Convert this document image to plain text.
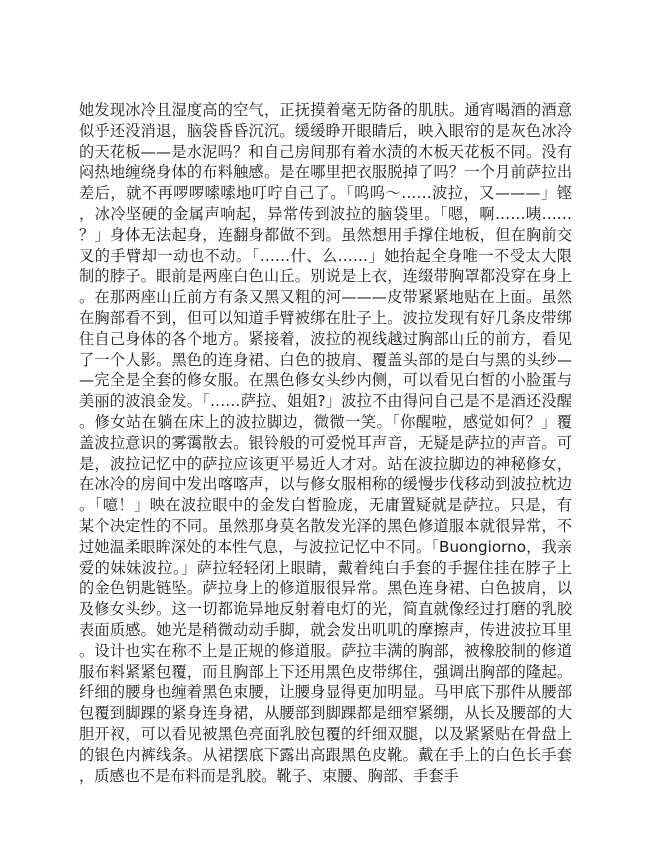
她发现冰冷且湿度高的空气，正抚摸着毫无防备的肌肤。通宵喝酒的酒意似乎还没消退，脑袋昏昏沉沉。缓缓睁开眼睛后，映入眼帘的是灰色冰冷的天花板——是水泥吗？和自己房间那有着水渍的木板天花板不同。没有闷热地缠绕身体的布料触感。是在哪里把衣服脱掉了吗？一个月前萨拉出差后，就不再啰啰嗦嗦地叮咛自己了。「呜呜～……波拉，又———」铿，冰冷坚硬的金属声响起，异常传到波拉的脑袋里。「嗯，啊……咦……？」身体无法起身，连翻身都做不到。虽然想用手撑住地板，但在胸前交叉的手臂却一动也不动。「……什、么……」她抬起全身唯一不受太大限制的脖子。眼前是两座白色山丘。别说是上衣，连缀带胸罩都没穿在身上。在那两座山丘前方有条又黑又粗的河———皮带紧紧地贴在上面。虽然在胸部看不到，但可以知道手臂被绑在肚子上。波拉发现有好几条皮带绑住自己身体的各个地方。紧接着，波拉的视线越过胸部山丘的前方，看见了一个人影。黑色的连身裙、白色的披肩、覆盖头部的是白与黑的头纱——完全是全套的修女服。在黑色修女头纱内侧，可以看见白皙的小脸蛋与美丽的波浪金发。「……萨拉、姐姐?」波拉不由得问自己是不是酒还没醒。修女站在躺在床上的波拉脚边，微微一笑。「你醒啦，感觉如何？」覆盖波拉意识的雾霭散去。银铃般的可爱悦耳声音，无疑是萨拉的声音。可是，波拉记忆中的萨拉应该更平易近人才对。站在波拉脚边的神秘修女，在冰冷的房间中发出喀喀声，以与修女服相称的缓慢步伐移动到波拉枕边。「噫！」映在波拉眼中的金发白皙脸庞，无庸置疑就是萨拉。只是，有某个决定性的不同。虽然那身莫名散发光泽的黑色修道服本就很异常，不过她温柔眼眸深处的本性气息，与波拉记忆中不同。「Buongiorno，我亲爱的妹妹波拉。」萨拉轻轻闭上眼睛，戴着纯白手套的手握住挂在脖子上的金色钥匙链坠。萨拉身上的修道服很异常。黑色连身裙、白色披肩，以及修女头纱。这一切都诡异地反射着电灯的光，简直就像经过打磨的乳胶表面质感。她光是稍微动动手脚，就会发出叽叽的摩擦声，传进波拉耳里。设计也实在称不上是正规的修道服。萨拉丰满的胸部，被橡胶制的修道服布料紧紧包覆，而且胸部上下还用黑色皮带绑住，强调出胸部的隆起。纤细的腰身也缠着黑色束腰，让腰身显得更加明显。马甲底下那件从腰部包覆到脚踝的紧身连身裙，从腰部到脚踝都是细窄紧绷，从长及腰部的大胆开衩，可以看见被黑色亮面乳胶包覆的纤细双腿，以及紧紧贴在骨盘上的银色内裤线条。从裙摆底下露出高跟黑色皮靴。戴在手上的白色长手套，质感也不是布料而是乳胶。靴子、束腰、胸部、手套手
